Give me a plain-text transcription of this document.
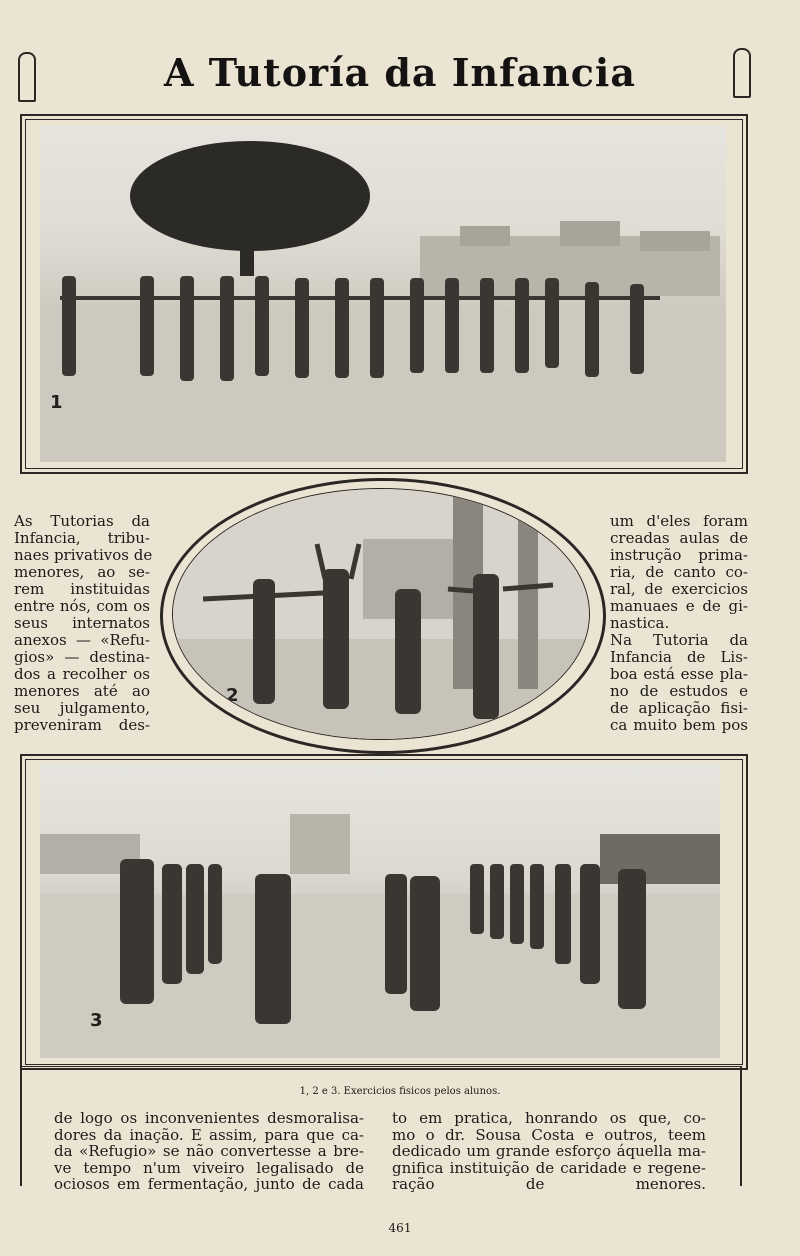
A Tutoría da Infancia
1
As Tutorias da
Infancia, tribu-
naes privativos de
menores, ao se-
rem instituidas
entre nós, com os
seus internatos
anexos — «Refu-
gios» — destina-
dos a recolher os
menores até ao
seu julgamento,
preveniram des-
2
um d'eles foram
creadas aulas de
instrução prima-
ria, de canto co-
ral, de exercicios
manuaes e de gi-
nastica.
Na Tutoria da
Infancia de Lis-
boa está esse pla-
no de estudos e
de aplicação fisi-
ca muito bem pos
3
1, 2 e 3. Exercicios fisicos pelos alunos.
de logo os inconvenientes desmoralisa-
dores da inação. E assim, para que ca-
da «Refugio» se não convertesse a bre-
ve tempo n'um viveiro legalisado de
ociosos em fermentação, junto de cada
to em pratica, honrando os que, co-
mo o dr. Sousa Costa e outros, teem
dedicado um grande esforço áquella ma-
gnifica instituição de caridade e regene-
ração de menores.
461
